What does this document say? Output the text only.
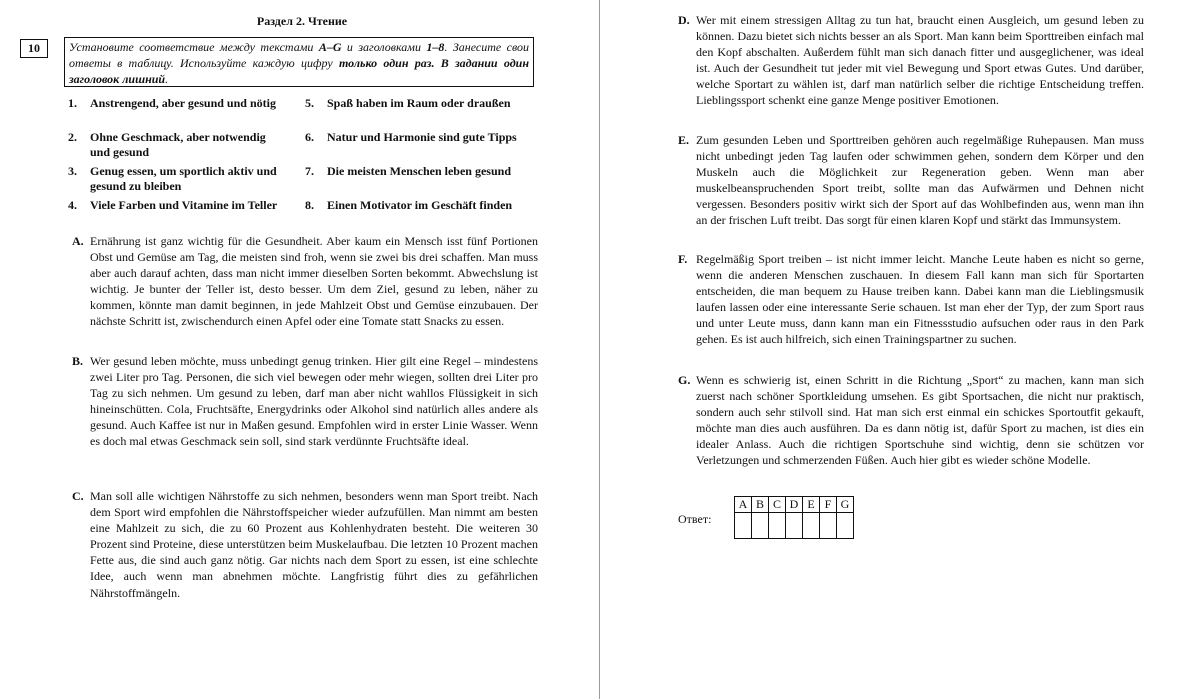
Раздел 2. Чтение
10	Установите соответствие между текстами A–G и заголовками 1–8. Занесите свои ответы в таблицу. Используйте каждую цифру только один раз. В задании один заголовок лишний.
1. Anstrengend, aber gesund und nötig
2. Ohne Geschmack, aber notwendig und gesund
3. Genug essen, um sportlich aktiv und gesund zu bleiben
4. Viele Farben und Vitamine im Teller
5. Spaß haben im Raum oder draußen
6. Natur und Harmonie sind gute Tipps
7. Die meisten Menschen leben gesund
8. Einen Motivator im Geschäft finden
A. Ernährung ist ganz wichtig für die Gesundheit. Aber kaum ein Mensch isst fünf Portionen Obst und Gemüse am Tag, die meisten sind froh, wenn sie zwei bis drei schaffen. Man muss aber auch darauf achten, dass man nicht immer dieselben Sorten bekommt. Abwechslung ist wichtig. Je bunter der Teller ist, desto besser. Um dem Ziel, gesund zu leben, näher zu kommen, könnte man damit beginnen, in jede Mahlzeit Obst und Gemüse einzubauen. Der nächste Schritt ist, zwischendurch einen Apfel oder eine Tomate statt Snacks zu essen.
B. Wer gesund leben möchte, muss unbedingt genug trinken. Hier gilt eine Regel – mindestens zwei Liter pro Tag. Personen, die sich viel bewegen oder mehr wiegen, sollten drei Liter pro Tag zu sich nehmen. Um gesund zu leben, darf man aber nicht wahllos Flüssigkeit in sich hineinschütten. Cola, Fruchtsäfte, Energydrinks oder Alkohol sind natürlich alles andere als gesund. Auch Kaffee ist nur in Maßen gesund. Empfohlen wird in erster Linie Wasser. Wenn es doch mal etwas Geschmack sein soll, sind stark verdünnte Fruchtsäfte ideal.
C. Man soll alle wichtigen Nährstoffe zu sich nehmen, besonders wenn man Sport treibt. Nach dem Sport wird empfohlen die Nährstoffspeicher wieder aufzufüllen. Man nimmt am besten eine Mahlzeit zu sich, die zu 60 Prozent aus Kohlenhydraten besteht. Die weiteren 30 Prozent sind Proteine, diese unterstützen beim Muskelaufbau. Die letzten 10 Prozent machen Fette aus, die sind auch ganz nötig. Gar nichts nach dem Sport zu essen, ist eine schlechte Idee, auch wenn man abnehmen möchte. Langfristig führt dies zu gefährlichen Nährstoffmängeln.
D. Wer mit einem stressigen Alltag zu tun hat, braucht einen Ausgleich, um gesund leben zu können. Dazu bietet sich nichts besser an als Sport. Man kann beim Sporttreiben einfach mal den Kopf abschalten. Außerdem fühlt man sich danach fitter und ausgeglichener, was ideal ist. Auch der Gesundheit tut jeder mit viel Bewegung und Sport etwas Gutes. Und darüber, welche Sportart zu wählen ist, darf man natürlich selber die richtige Entscheidung treffen. Lieblingssport schenkt eine ganze Menge positiver Emotionen.
E. Zum gesunden Leben und Sporttreiben gehören auch regelmäßige Ruhepausen. Man muss nicht unbedingt jeden Tag laufen oder schwimmen gehen, sondern dem Körper und den Muskeln auch die Möglichkeit zur Regeneration geben. Wenn man aber muskelbeanspruchenden Sport treibt, sollte man das Aufwärmen und Dehnen nicht vergessen. Besonders positiv wirkt sich der Sport auf das Wohlbefinden aus, wenn man ihn an der frischen Luft treibt. Das sorgt für einen klaren Kopf und stärkt das Immunsystem.
F. Regelmäßig Sport treiben – ist nicht immer leicht. Manche Leute haben es nicht so gerne, wenn die anderen Menschen zuschauen. In diesem Fall kann man sich für Sportarten entscheiden, die man bequem zu Hause treiben kann. Dabei kann man die Lieblingsmusik laufen lassen oder eine interessante Serie schauen. Ist man eher der Typ, der zum Sport raus und unter Leute muss, dann kann man ein Fitnessstudio aufsuchen oder raus in den Park gehen. Es ist auch hilfreich, sich einen Trainingspartner zu suchen.
G. Wenn es schwierig ist, einen Schritt in die Richtung „Sport“ zu machen, kann man sich zuerst nach schöner Sportkleidung umsehen. Es gibt Sportsachen, die nicht nur praktisch, sondern auch sehr stilvoll sind. Hat man sich erst einmal ein schickes Sportoutfit gekauft, möchte man dies auch ausführen. Da es dann nötig ist, dafür Sport zu machen, ist dies ein idealer Anlass. Auch die richtigen Sportschuhe sind wichtig, denn sie schützen vor Verletzungen und schmerzenden Füßen. Auch hier gibt es wieder schöne Modelle.
Ответ:
A	B	C	D	E	F	G
